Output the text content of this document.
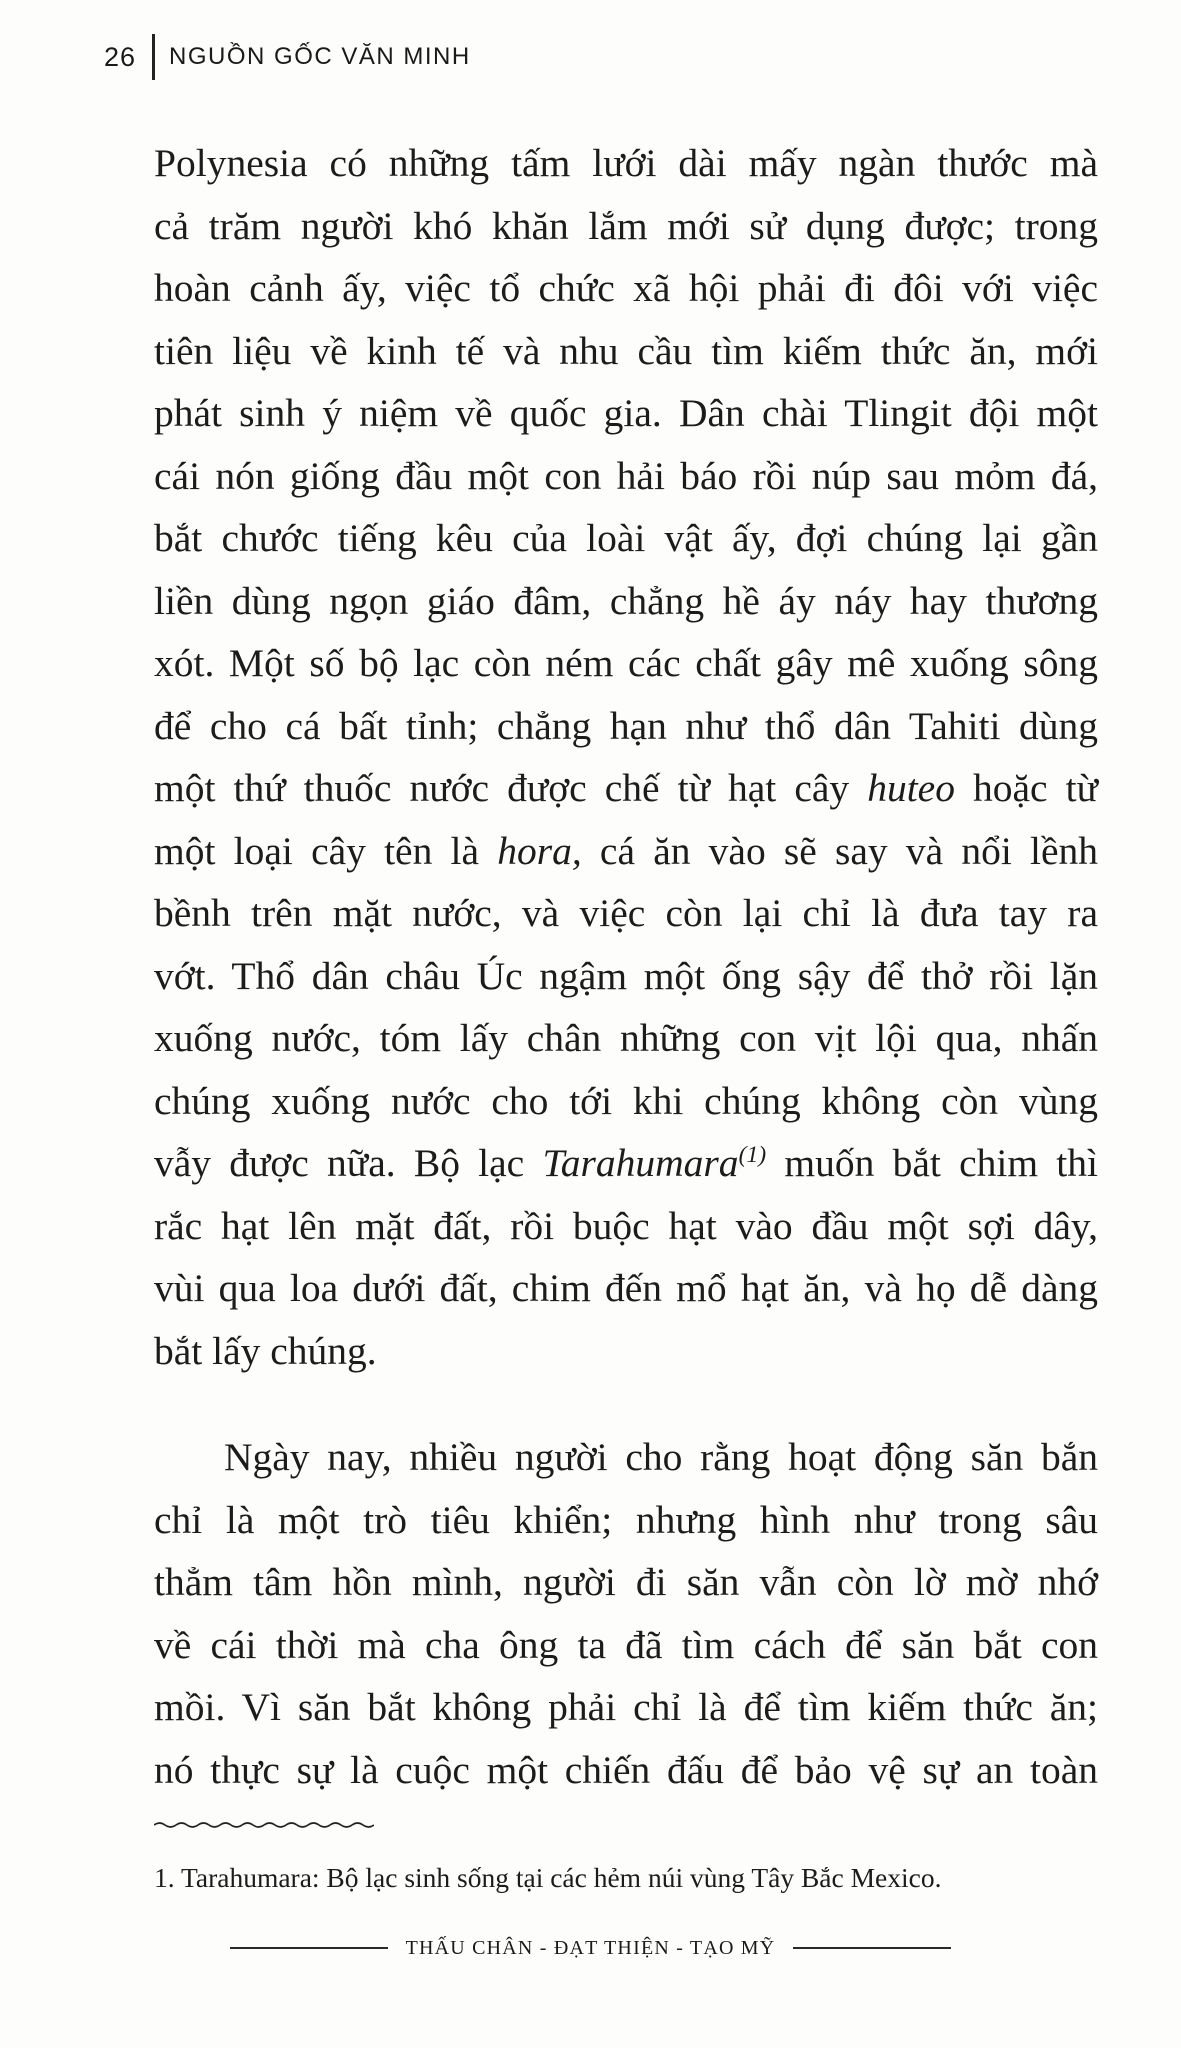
26 NGUỒN GỐC VĂN MINH
Polynesia có những tấm lưới dài mấy ngàn thước mà
cả trăm người khó khăn lắm mới sử dụng được; trong
hoàn cảnh ấy, việc tổ chức xã hội phải đi đôi với việc
tiên liệu về kinh tế và nhu cầu tìm kiếm thức ăn, mới
phát sinh ý niệm về quốc gia. Dân chài Tlingit đội một
cái nón giống đầu một con hải báo rồi núp sau mỏm đá,
bắt chước tiếng kêu của loài vật ấy, đợi chúng lại gần
liền dùng ngọn giáo đâm, chẳng hề áy náy hay thương
xót. Một số bộ lạc còn ném các chất gây mê xuống sông
để cho cá bất tỉnh; chẳng hạn như thổ dân Tahiti dùng
một thứ thuốc nước được chế từ hạt cây huteo hoặc từ
một loại cây tên là hora, cá ăn vào sẽ say và nổi lềnh
bềnh trên mặt nước, và việc còn lại chỉ là đưa tay ra
vớt. Thổ dân châu Úc ngậm một ống sậy để thở rồi lặn
xuống nước, tóm lấy chân những con vịt lội qua, nhấn
chúng xuống nước cho tới khi chúng không còn vùng
vẫy được nữa. Bộ lạc Tarahumara$^{(1)}$ muốn bắt chim thì
rắc hạt lên mặt đất, rồi buộc hạt vào đầu một sợi dây,
vùi qua loa dưới đất, chim đến mổ hạt ăn, và họ dễ dàng
bắt lấy chúng.
Ngày nay, nhiều người cho rằng hoạt động săn bắn
chỉ là một trò tiêu khiển; nhưng hình như trong sâu
thẳm tâm hồn mình, người đi săn vẫn còn lờ mờ nhớ
về cái thời mà cha ông ta đã tìm cách để săn bắt con
mồi. Vì săn bắt không phải chỉ là để tìm kiếm thức ăn;
nó thực sự là cuộc một chiến đấu để bảo vệ sự an toàn
1. Tarahumara: Bộ lạc sinh sống tại các hẻm núi vùng Tây Bắc Mexico.
THẤU CHÂN - ĐẠT THIỆN - TẠO MỸ
